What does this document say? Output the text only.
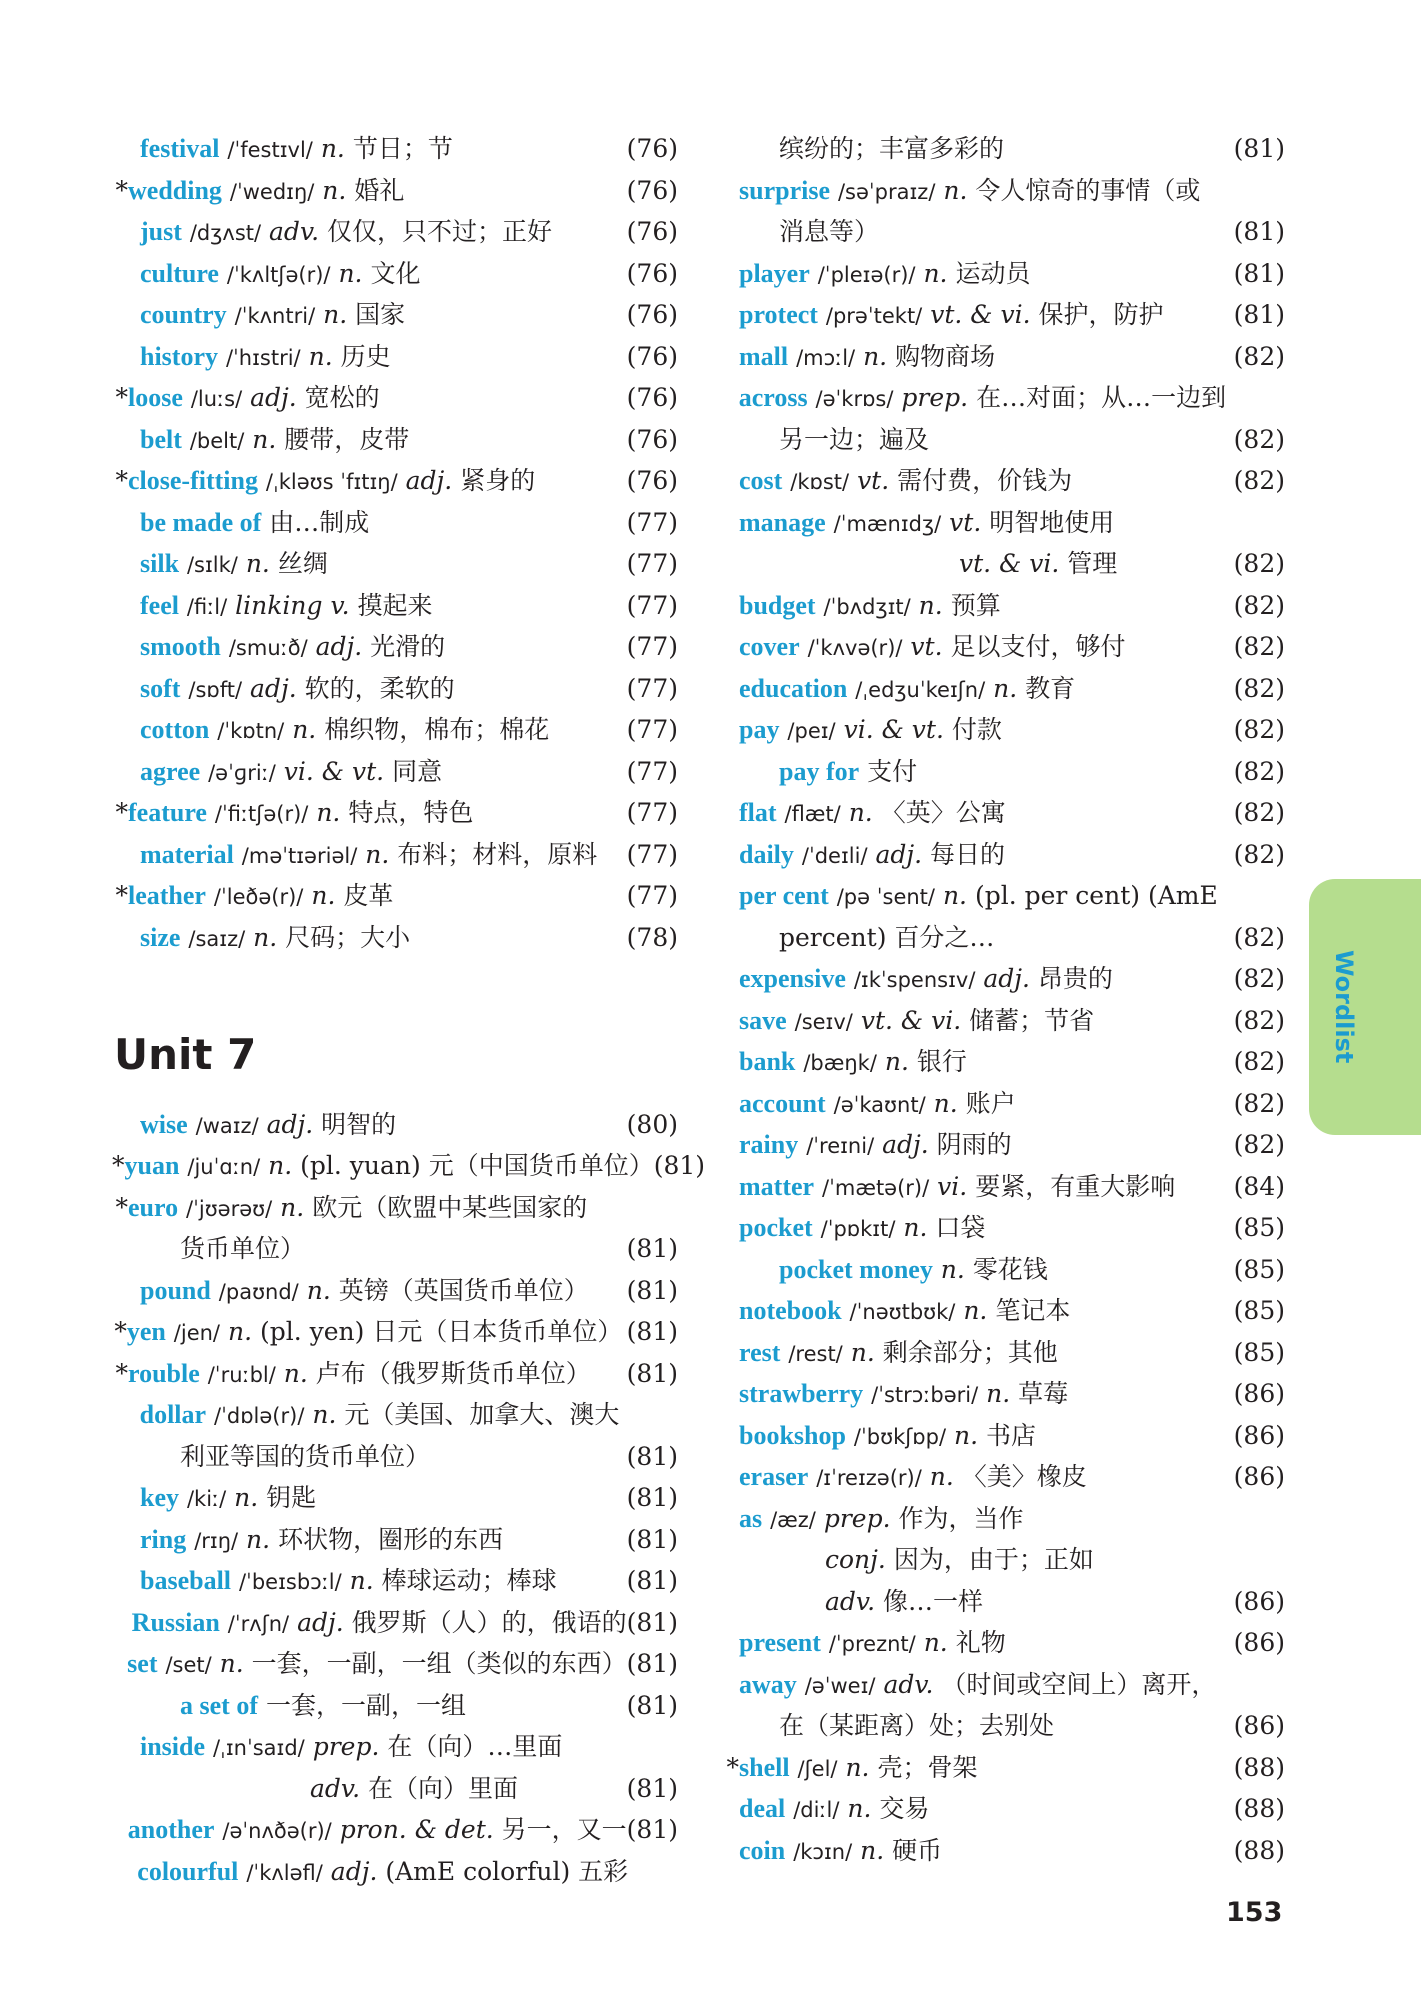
Wordlist
festival /ˈfestɪvl/ n. 节日；节	(76)
* wedding /ˈwedɪŋ/ n. 婚礼	(76)
just /dʒʌst/ adv. 仅仅，只不过；正好	(76)
culture /ˈkʌltʃə(r)/ n. 文化	(76)
country /ˈkʌntri/ n. 国家	(76)
history /ˈhɪstri/ n. 历史	(76)
* loose /luːs/ adj. 宽松的	(76)
belt /belt/ n. 腰带，皮带	(76)
* close-fitting /ˌkləʊs ˈfɪtɪŋ/ adj. 紧身的	(76)
be made of 由…制成	(77)
silk /sɪlk/ n. 丝绸	(77)
feel /fiːl/ linking v. 摸起来	(77)
smooth /smuːð/ adj. 光滑的	(77)
soft /sɒft/ adj. 软的，柔软的	(77)
cotton /ˈkɒtn/ n. 棉织物，棉布；棉花	(77)
agree /əˈɡriː/ vi. & vt. 同意	(77)
* feature /ˈfiːtʃə(r)/ n. 特点，特色	(77)
material /məˈtɪəriəl/ n. 布料；材料，原料	(77)
* leather /ˈleðə(r)/ n. 皮革	(77)
size /saɪz/ n. 尺码；大小	(78)
Unit 7
wise /waɪz/ adj. 明智的	(80)
* yuan /juˈɑːn/ n. (pl. yuan) 元（中国货币单位） (81)
* euro /ˈjʊərəʊ/ n. 欧元（欧盟中某些国家的
货币单位）	(81)
pound /paʊnd/ n. 英镑（英国货币单位）	(81)
* yen /jen/ n. (pl. yen) 日元（日本货币单位） (81)
* rouble /ˈruːbl/ n. 卢布（俄罗斯货币单位）	(81)
dollar /ˈdɒlə(r)/ n. 元（美国、加拿大、澳大
利亚等国的货币单位）	(81)
key /kiː/ n. 钥匙	(81)
ring /rɪŋ/ n. 环状物，圈形的东西	(81)
baseball /ˈbeɪsbɔːl/ n. 棒球运动；棒球	(81)
Russian /ˈrʌʃn/ adj. 俄罗斯（人）的，俄语的 (81)
set /set/ n. 一套，一副，一组（类似的东西） (81)
a set of 一套，一副，一组	(81)
inside /ˌɪnˈsaɪd/ prep. 在（向）…里面
adv. 在（向）里面	(81)
another /əˈnʌðə(r)/ pron. & det. 另一，又一 (81)
colourful /ˈkʌləfl/ adj. (AmE colorful) 五彩
缤纷的；丰富多彩的	(81)
surprise /səˈpraɪz/ n. 令人惊奇的事情（或
消息等）	(81)
player /ˈpleɪə(r)/ n. 运动员	(81)
protect /prəˈtekt/ vt. & vi. 保护，防护	(81)
mall /mɔːl/ n. 购物商场	(82)
across /əˈkrɒs/ prep. 在…对面；从…一边到
另一边；遍及	(82)
cost /kɒst/ vt. 需付费，价钱为	(82)
manage /ˈmænɪdʒ/ vt. 明智地使用
vt. & vi. 管理	(82)
budget /ˈbʌdʒɪt/ n. 预算	(82)
cover /ˈkʌvə(r)/ vt. 足以支付，够付	(82)
education /ˌedʒuˈkeɪʃn/ n. 教育	(82)
pay /peɪ/ vi. & vt. 付款	(82)
pay for 支付	(82)
flat /flæt/ n. 〈英〉公寓	(82)
daily /ˈdeɪli/ adj. 每日的	(82)
per cent /pə ˈsent/ n. (pl. per cent) (AmE
percent) 百分之…	(82)
expensive /ɪkˈspensɪv/ adj. 昂贵的	(82)
save /seɪv/ vt. & vi. 储蓄；节省	(82)
bank /bæŋk/ n. 银行	(82)
account /əˈkaʊnt/ n. 账户	(82)
rainy /ˈreɪni/ adj. 阴雨的	(82)
matter /ˈmætə(r)/ vi. 要紧，有重大影响	(84)
pocket /ˈpɒkɪt/ n. 口袋	(85)
pocket money n. 零花钱	(85)
notebook /ˈnəʊtbʊk/ n. 笔记本	(85)
rest /rest/ n. 剩余部分；其他	(85)
strawberry /ˈstrɔːbəri/ n. 草莓	(86)
bookshop /ˈbʊkʃɒp/ n. 书店	(86)
eraser /ɪˈreɪzə(r)/ n. 〈美〉橡皮	(86)
as /æz/ prep. 作为，当作
conj. 因为，由于；正如
adv. 像…一样	(86)
present /ˈpreznt/ n. 礼物	(86)
away /əˈweɪ/ adv. （时间或空间上）离开，
在（某距离）处；去别处	(86)
* shell /ʃel/ n. 壳；骨架	(88)
deal /diːl/ n. 交易	(88)
coin /kɔɪn/ n. 硬币	(88)
153
